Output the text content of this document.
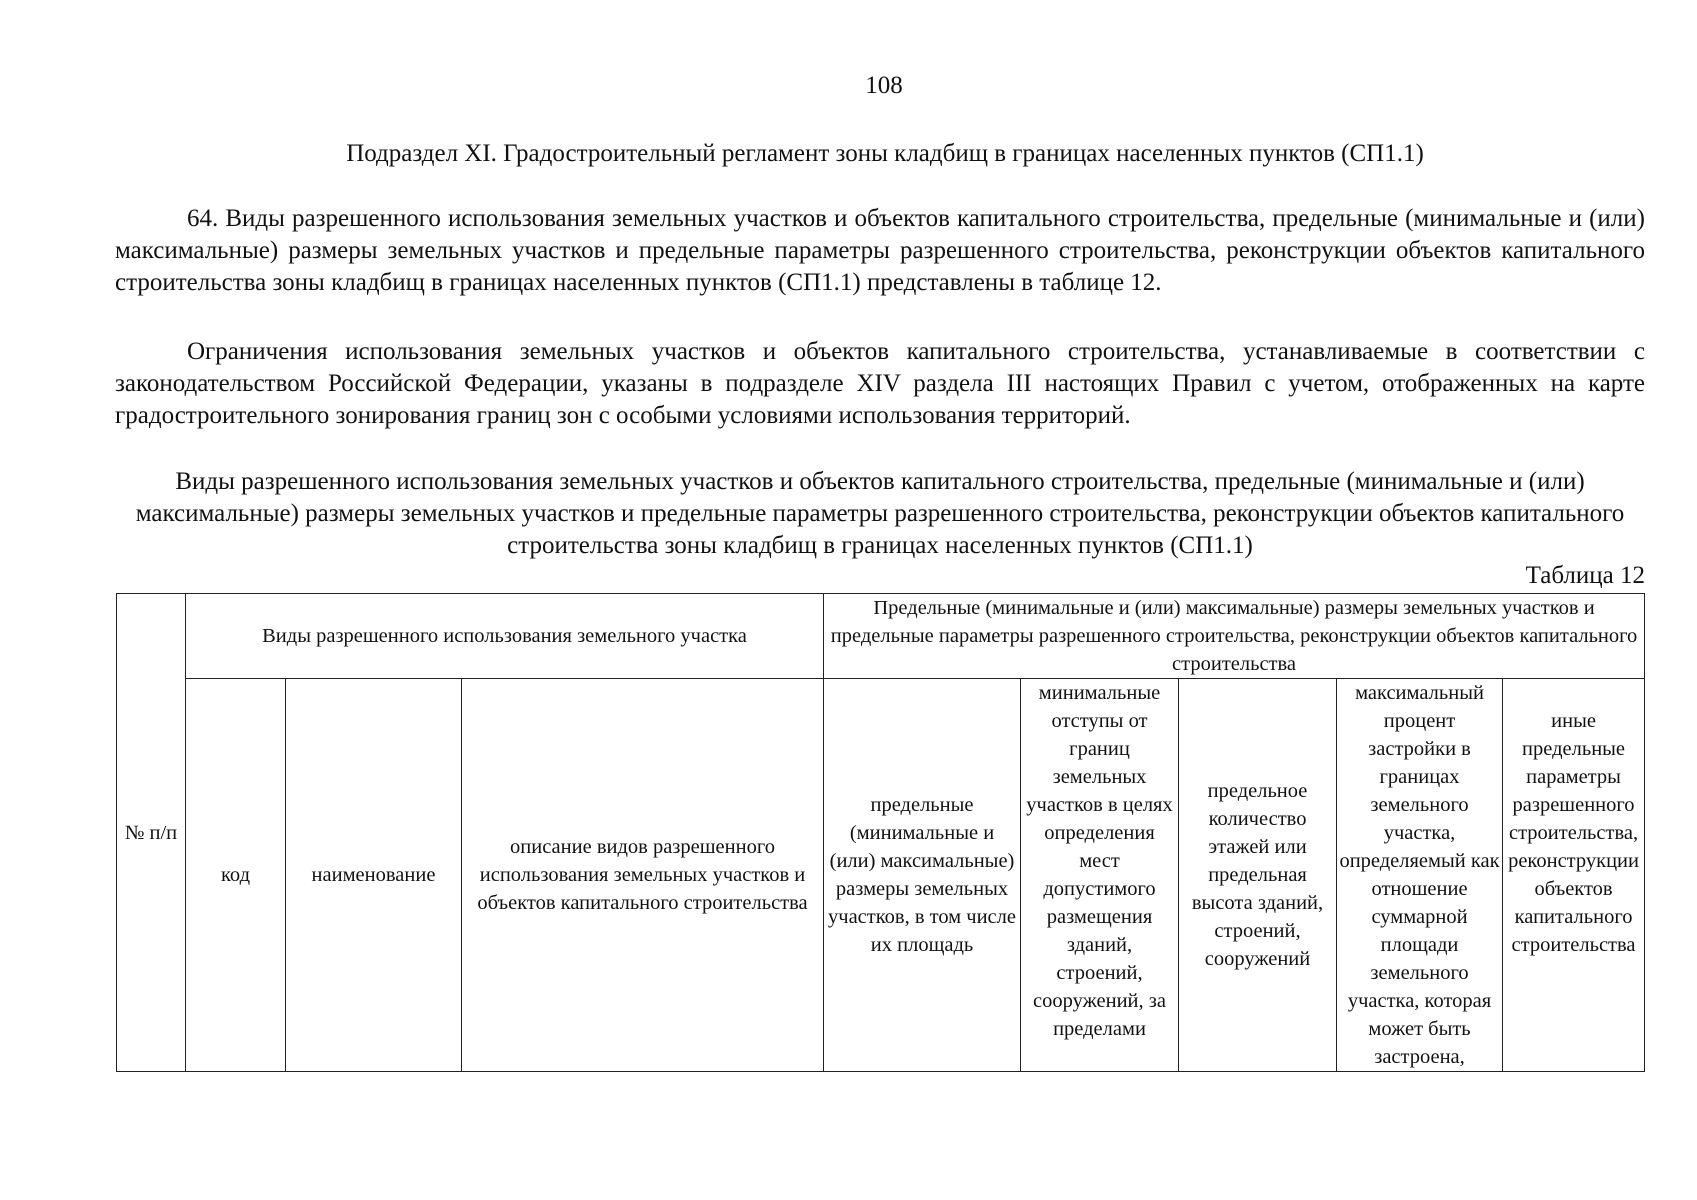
108
Подраздел XI. Градостроительный регламент зоны кладбищ в границах населенных пунктов (СП1.1)

64. Виды разрешенного использования земельных участков и объектов капитального строительства, предельные (минимальные и (или) максимальные) размеры земельных участков и предельные параметры разрешенного строительства, реконструкции объектов капитального строительства зоны кладбищ в границах населенных пунктов (СП1.1) представлены в таблице 12.

Ограничения использования земельных участков и объектов капитального строительства, устанавливаемые в соответствии с законодательством Российской Федерации, указаны в подразделе XIV раздела III настоящих Правил с учетом, отображенных на карте градостроительного зонирования границ зон с особыми условиями использования территорий.

Виды разрешенного использования земельных участков и объектов капитального строительства, предельные (минимальные и (или) максимальные) размеры земельных участков и предельные параметры разрешенного строительства, реконструкции объектов капитального строительства зоны кладбищ в границах населенных пунктов (СП1.1)

Таблица 12
№ п/п	Виды разрешенного использования земельного участка			Предельные (минимальные и (или) максимальные) размеры земельных участков и предельные параметры разрешенного строительства, реконструкции объектов капитального строительства				

	код	наименование	описание видов разрешенного использования земельных участков и объектов капитального строительства	предельные (минимальные и (или) максимальные) размеры земельных участков, в том числе их площадь	минимальные отступы от границ земельных участков в целях определения мест допустимого размещения зданий, строений, сооружений, за пределами	предельное количество этажей или предельная высота зданий, строений, сооружений	максимальный процент застройки в границах земельного участка, определяемый как отношение суммарной площади земельного участка, которая может быть застроена,	иные предельные параметры разрешенного строительства, реконструкции объектов капитального строительства
